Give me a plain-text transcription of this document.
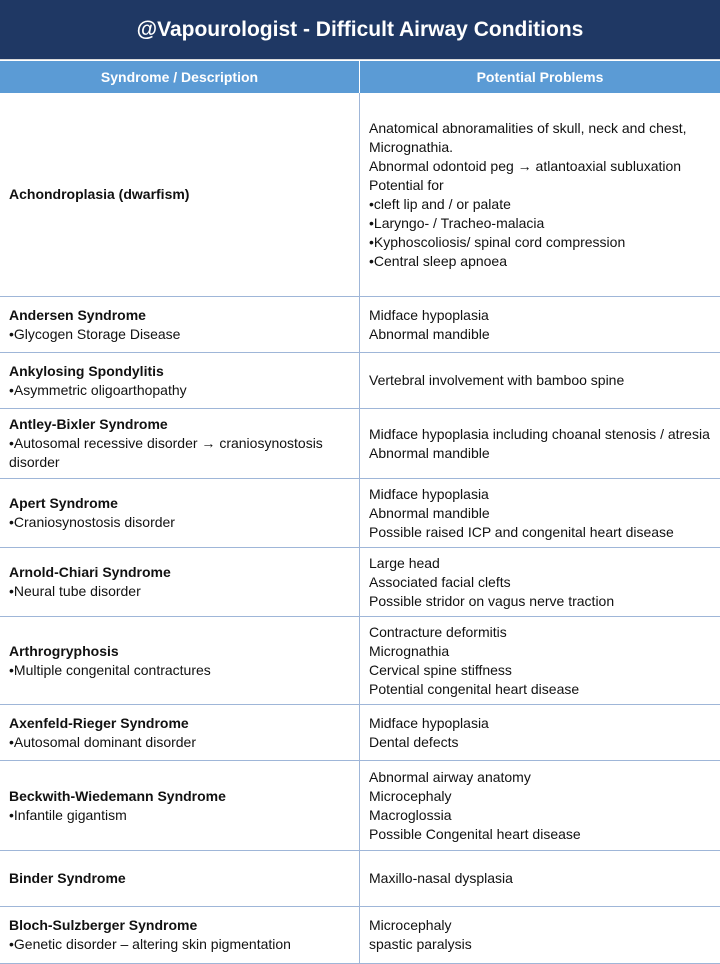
@Vapourologist - Difficult Airway Conditions
Syndrome / Description	Potential Problems
Achondroplasia (dwarfism)
Anatomical abnoramalities of skull, neck and chest,
Micrognathia.
Abnormal odontoid peg → atlantoaxial subluxation
Potential for
•cleft lip and / or palate
•Laryngo- / Tracheo-malacia
•Kyphoscoliosis/ spinal cord compression
•Central sleep apnoea
Andersen Syndrome
•Glycogen Storage Disease
Midface hypoplasia
Abnormal mandible
Ankylosing Spondylitis
•Asymmetric oligoarthopathy
Vertebral involvement with bamboo spine
Antley-Bixler Syndrome
•Autosomal recessive disorder → craniosynostosis disorder
Midface hypoplasia including choanal stenosis / atresia
Abnormal mandible
Apert Syndrome
•Craniosynostosis disorder
Midface hypoplasia
Abnormal mandible
Possible raised ICP and congenital heart disease
Arnold-Chiari Syndrome
•Neural tube disorder
Large head
Associated facial clefts
Possible stridor on vagus nerve traction
Arthrogryphosis
•Multiple congenital contractures
Contracture deformitis
Micrognathia
Cervical spine stiffness
Potential congenital heart disease
Axenfeld-Rieger Syndrome
•Autosomal dominant disorder
Midface hypoplasia
Dental defects
Beckwith-Wiedemann Syndrome
•Infantile gigantism
Abnormal airway anatomy
Microcephaly
Macroglossia
Possible Congenital heart disease
Binder Syndrome	Maxillo-nasal dysplasia
Bloch-Sulzberger Syndrome
•Genetic disorder – altering skin pigmentation
Microcephaly
spastic paralysis
